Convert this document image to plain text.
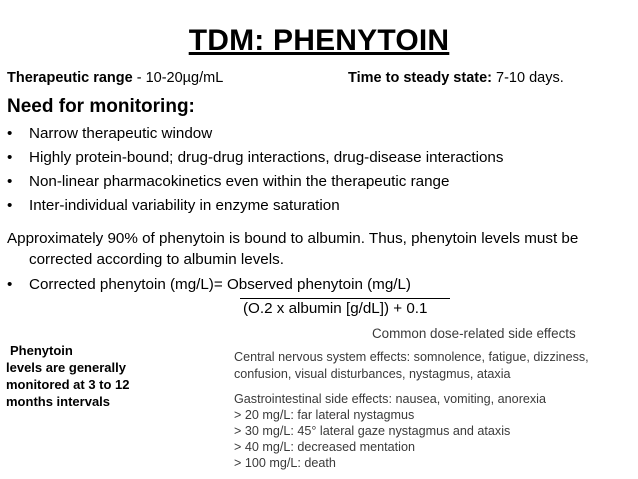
TDM: PHENYTOIN
Therapeutic range - 10-20µg/mL	Time to steady state: 7-10 days.
Need for monitoring:
• Narrow therapeutic window
• Highly protein-bound; drug-drug interactions, drug-disease interactions
• Non-linear pharmacokinetics even within the therapeutic range
• Inter-individual variability in enzyme saturation
Approximately 90% of phenytoin is bound to albumin. Thus, phenytoin levels must be
corrected according to albumin levels.
• Corrected phenytoin (mg/L)= Observed phenytoin (mg/L)
(O.2 x albumin [g/dL]) + 0.1
Phenytoin
levels are generally
monitored at 3 to 12
months intervals
Common dose-related side effects
Central nervous system effects: somnolence, fatigue, dizziness,
confusion, visual disturbances, nystagmus, ataxia
Gastrointestinal side effects: nausea, vomiting, anorexia
> 20 mg/L: far lateral nystagmus
> 30 mg/L: 45° lateral gaze nystagmus and ataxis
> 40 mg/L: decreased mentation
> 100 mg/L: death
